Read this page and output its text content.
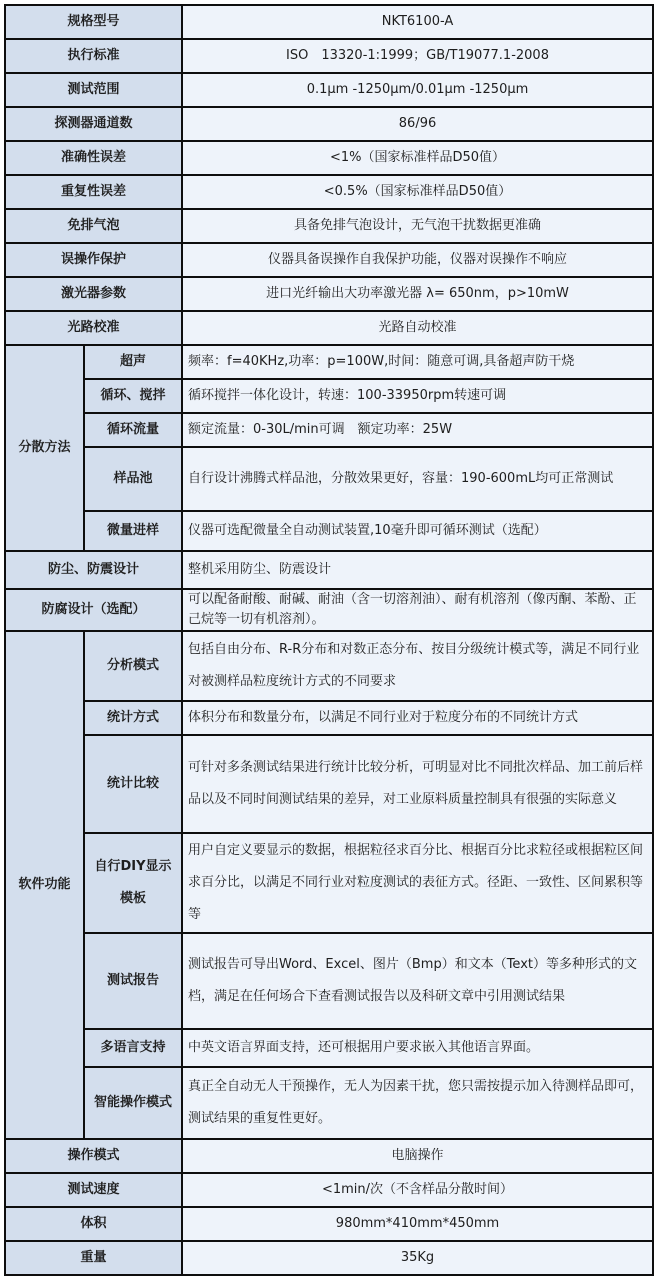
规格型号		NKT6100-A
执行标准		ISO　13320-1:1999；GB/T19077.1-2008
测试范围		0.1μm -1250μm/0.01μm -1250μm
探测器通道数		86/96
准确性误差		<1%（国家标准样品D50值）
重复性误差		<0.5%（国家标准样品D50值）
免排气泡		具备免排气泡设计，无气泡干扰数据更准确
误操作保护		仪器具备误操作自我保护功能，仪器对误操作不响应
激光器参数		进口光纤输出大功率激光器 λ= 650nm，p>10mW
光路校准		光路自动校准
分散方法	超声	频率：f=40KHz,功率：p=100W,时间：随意可调,具备超声防干烧
	循环、搅拌	循环搅拌一体化设计，转速：100-33950rpm转速可调
	循环流量	额定流量：0-30L/min可调　额定功率：25W
	样品池	自行设计沸腾式样品池，分散效果更好，容量：190-600mL均可正常测试
	微量进样	仪器可选配微量全自动测试装置,10毫升即可循环测试（选配）
防尘、防震设计		整机采用防尘、防震设计
防腐设计（选配）		可以配备耐酸、耐碱、耐油（含一切溶剂油）、耐有机溶剂（像丙酮、苯酚、正己烷等一切有机溶剂）。
软件功能	分析模式	包括自由分布、R-R分布和对数正态分布、按目分级统计模式等，满足不同行业对被测样品粒度统计方式的不同要求
	统计方式	体积分布和数量分布，以满足不同行业对于粒度分布的不同统计方式
	统计比较	可针对多条测试结果进行统计比较分析，可明显对比不同批次样品、加工前后样品以及不同时间测试结果的差异，对工业原料质量控制具有很强的实际意义
	自行DIY显示模板	用户自定义要显示的数据，根据粒径求百分比、根据百分比求粒径或根据粒区间求百分比，以满足不同行业对粒度测试的表征方式。径距、一致性、区间累积等等
	测试报告	测试报告可导出Word、Excel、图片（Bmp）和文本（Text）等多种形式的文档，满足在任何场合下查看测试报告以及科研文章中引用测试结果
	多语言支持	中英文语言界面支持，还可根据用户要求嵌入其他语言界面。
	智能操作模式	真正全自动无人干预操作，无人为因素干扰，您只需按提示加入待测样品即可，测试结果的重复性更好。
操作模式		电脑操作
测试速度		<1min/次（不含样品分散时间）
体积		980mm*410mm*450mm
重量		35Kg
